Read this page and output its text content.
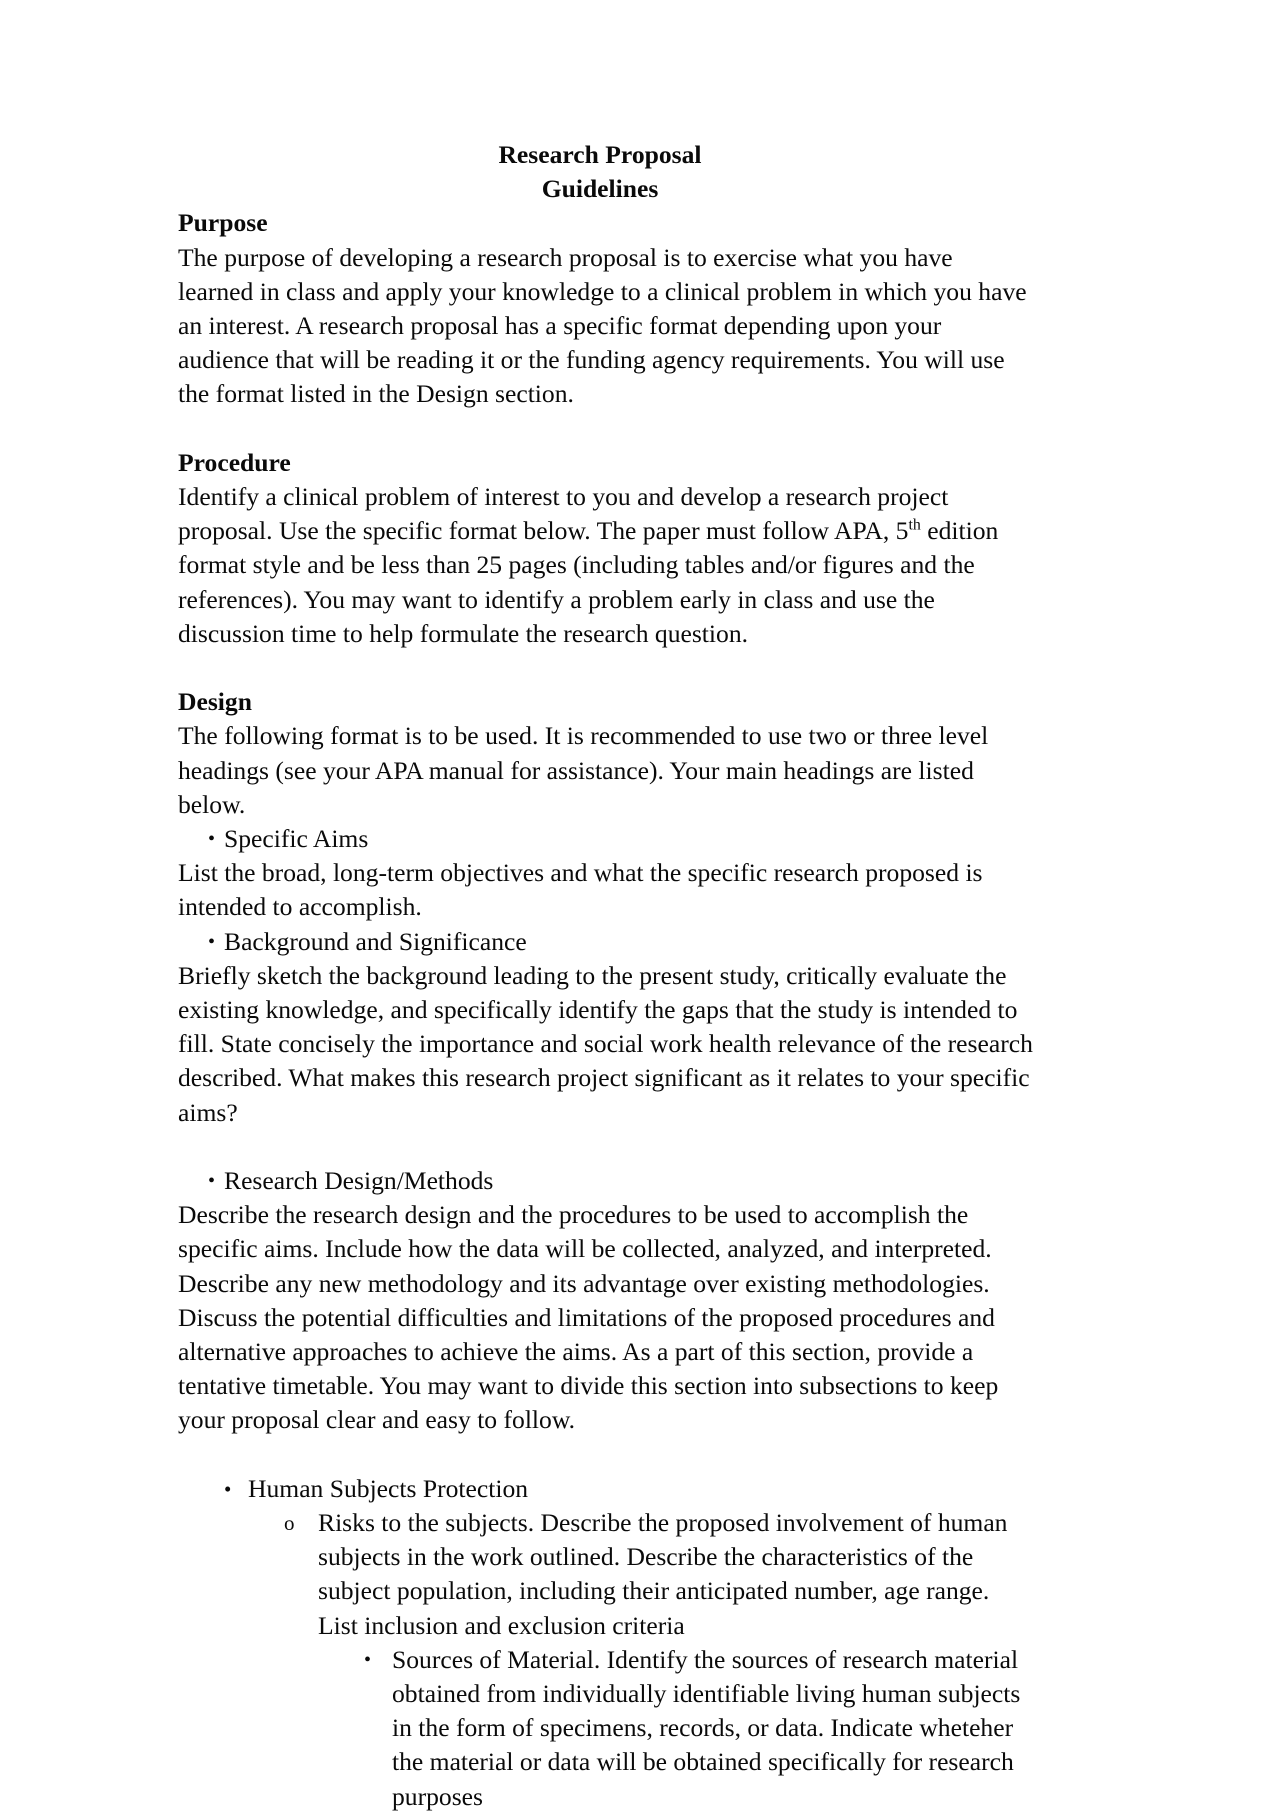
Research Proposal
Guidelines
Purpose

The purpose of developing a research proposal is to exercise what you have learned in class and apply your knowledge to a clinical problem in which you have an interest. A research proposal has a specific format depending upon your audience that will be reading it or the funding agency requirements. You will use the format listed in the Design section.

Procedure

Identify a clinical problem of interest to you and develop a research project proposal. Use the specific format below. The paper must follow APA, 5th edition format style and be less than 25 pages (including tables and/or figures and the references). You may want to identify a problem early in class and use the discussion time to help formulate the research question.

Design

The following format is to be used. It is recommended to use two or three level headings (see your APA manual for assistance). Your main headings are listed below.

• Specific Aims

List the broad, long-term objectives and what the specific research proposed is intended to accomplish.

• Background and Significance

Briefly sketch the background leading to the present study, critically evaluate the existing knowledge, and specifically identify the gaps that the study is intended to fill. State concisely the importance and social work health relevance of the research described. What makes this research project significant as it relates to your specific aims?

• Research Design/Methods

Describe the research design and the procedures to be used to accomplish the specific aims. Include how the data will be collected, analyzed, and interpreted. Describe any new methodology and its advantage over existing methodologies. Discuss the potential difficulties and limitations of the proposed procedures and alternative approaches to achieve the aims. As a part of this section, provide a tentative timetable. You may want to divide this section into subsections to keep your proposal clear and easy to follow.

• Human Subjects Protection
o Risks to the subjects. Describe the proposed involvement of human subjects in the work outlined. Describe the characteristics of the subject population, including their anticipated number, age range. List inclusion and exclusion criteria
• Sources of Material. Identify the sources of research material obtained from individually identifiable living human subjects in the form of specimens, records, or data. Indicate wheteher the material or data will be obtained specifically for research purposes
